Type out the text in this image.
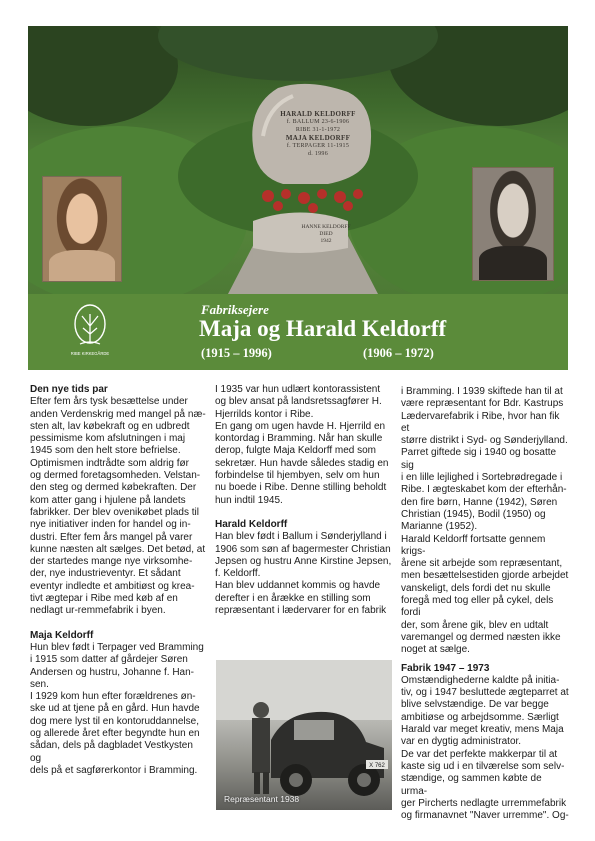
HARALD KELDORFF
f. BALLUM 23-6-1906
RIBE 31-1-1972
MAJA KELDORFF
f. TERPAGER 11-1915
d. 1996
HANNE KELDORFF
DIED
1942
RIBE KIRKEGÅRDE
Fabriksejere
Maja og Harald Keldorff
(1915 – 1996)	(1906 – 1972)
Den nye tids par

Efter fem års tysk besættelse under
anden Verdenskrig med mangel på næ-
sten alt, lav købekraft og en udbredt
pessimisme kom afslutningen i maj
1945 som den helt store befrielse.
Optimismen indtrådte som aldrig før
og dermed foretagsomheden. Velstan-
den steg og dermed købekraften. Der
kom atter gang i hjulene på landets
fabrikker. Der blev ovenikøbet plads til
nye initiativer inden for handel og in-
dustri. Efter fem års mangel på varer
kunne næsten alt sælges. Det betød, at
der startedes mange nye virksomhe-
der, nye industrieventyr. Et sådant
eventyr indledte et ambitiøst og krea-
tivt ægtepar i Ribe med køb af en
nedlagt ur-remmefabrik i byen.

Maja Keldorff

Hun blev født i Terpager ved Bramming
i 1915 som datter af gårdejer Søren
Andersen og hustru, Johanne f. Han-
sen.
I 1929 kom hun efter forældrenes øn-
ske ud at tjene på en gård. Hun havde
dog mere lyst til en kontoruddannelse,
og allerede året efter begyndte hun en
sådan, dels på dagbladet Vestkysten og
dels på et sagførerkontor i Bramming.

I 1935 var hun udlært kontorassistent
og blev ansat på landsretssagfører H.
Hjerrilds kontor i Ribe.
En gang om ugen havde H. Hjerrild en
kontordag i Bramming. Når han skulle
derop, fulgte Maja Keldorff med som
sekretær. Hun havde således stadig en
forbindelse til hjembyen, selv om hun
nu boede i Ribe. Denne stilling beholdt
hun indtil 1945.

Harald Keldorff

Han blev født i Ballum i Sønderjylland i
1906 som søn af bagermester Christian
Jepsen og hustru Anne Kirstine Jepsen,
f. Keldorff.
Han blev uddannet kommis og havde
derefter i en årække en stilling som
repræsentant i lædervarer for en fabrik

X 762
Repræsentant 1938

i Bramming. I 1939 skiftede han til at
være repræsentant for Bdr. Kastrups
Lædervarefabrik i Ribe, hvor han fik et
større distrikt i Syd- og Sønderjylland.
Parret giftede sig i 1940 og bosatte sig
i en lille lejlighed i Sortebrødregade i
Ribe. I ægteskabet kom der efterhån-
den fire børn, Hanne (1942), Søren
Christian (1945), Bodil (1950) og
Marianne (1952).
Harald Keldorff fortsatte gennem krigs-
årene sit arbejde som repræsentant,
men besættelsestiden gjorde arbejdet
vanskeligt, dels fordi det nu skulle
foregå med tog eller på cykel, dels fordi
der, som årene gik, blev en udtalt
varemangel og dermed næsten ikke
noget at sælge.

Fabrik 1947 – 1973

Omstændighederne kaldte på initia-
tiv, og i 1947 besluttede ægteparret at
blive selvstændige. De var begge
ambitiøse og arbejdsomme. Særligt
Harald var meget kreativ, mens Maja
var en dygtig administrator.
De var det perfekte makkerpar til at
kaste sig ud i en tilværelse som selv-
stændige, og sammen købte de urma-
ger Pircherts nedlagte urremmefabrik
og firmanavnet "Naver urremme". Og-
